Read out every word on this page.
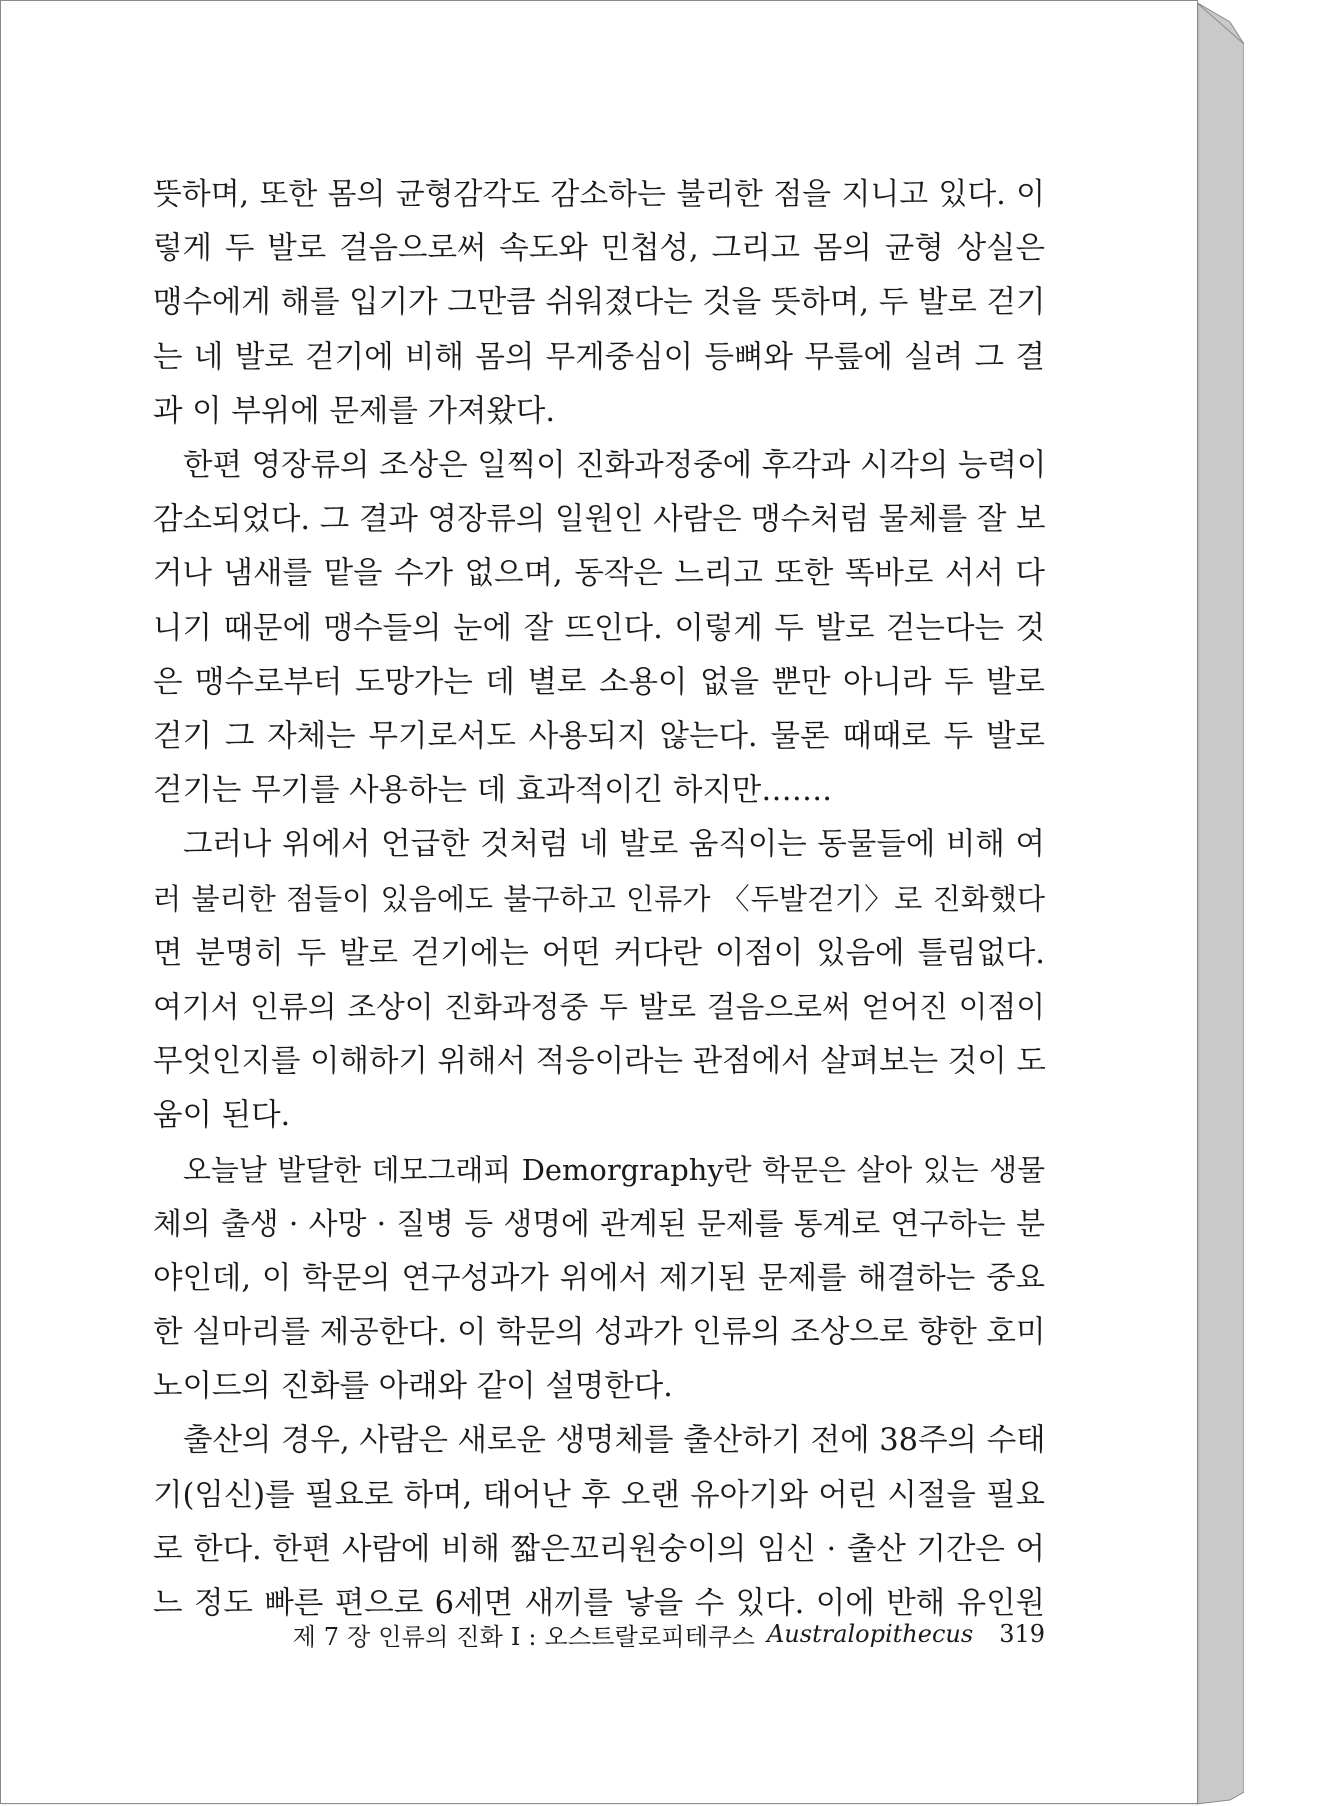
뜻하며, 또한 몸의 균형감각도 감소하는 불리한 점을 지니고 있다. 이
렇게 두 발로 걸음으로써 속도와 민첩성, 그리고 몸의 균형 상실은
맹수에게 해를 입기가 그만큼 쉬워졌다는 것을 뜻하며, 두 발로 걷기
는 네 발로 걷기에 비해 몸의 무게중심이 등뼈와 무릎에 실려 그 결
과 이 부위에 문제를 가져왔다.
한편 영장류의 조상은 일찍이 진화과정중에 후각과 시각의 능력이
감소되었다. 그 결과 영장류의 일원인 사람은 맹수처럼 물체를 잘 보
거나 냄새를 맡을 수가 없으며, 동작은 느리고 또한 똑바로 서서 다
니기 때문에 맹수들의 눈에 잘 뜨인다. 이렇게 두 발로 걷는다는 것
은 맹수로부터 도망가는 데 별로 소용이 없을 뿐만 아니라 두 발로
걷기 그 자체는 무기로서도 사용되지 않는다. 물론 때때로 두 발로
걷기는 무기를 사용하는 데 효과적이긴 하지만…….
그러나 위에서 언급한 것처럼 네 발로 움직이는 동물들에 비해 여
러 불리한 점들이 있음에도 불구하고 인류가 〈두발걷기〉로 진화했다
면 분명히 두 발로 걷기에는 어떤 커다란 이점이 있음에 틀림없다.
여기서 인류의 조상이 진화과정중 두 발로 걸음으로써 얻어진 이점이
무엇인지를 이해하기 위해서 적응이라는 관점에서 살펴보는 것이 도
움이 된다.
오늘날 발달한 데모그래피 Demorgraphy란 학문은 살아 있는 생물
체의 출생 · 사망 · 질병 등 생명에 관계된 문제를 통계로 연구하는 분
야인데, 이 학문의 연구성과가 위에서 제기된 문제를 해결하는 중요
한 실마리를 제공한다. 이 학문의 성과가 인류의 조상으로 향한 호미
노이드의 진화를 아래와 같이 설명한다.
출산의 경우, 사람은 새로운 생명체를 출산하기 전에 38주의 수태
기(임신)를 필요로 하며, 태어난 후 오랜 유아기와 어린 시절을 필요
로 한다. 한편 사람에 비해 짧은꼬리원숭이의 임신 · 출산 기간은 어
느 정도 빠른 편으로 6세면 새끼를 낳을 수 있다. 이에 반해 유인원
제 7 장 인류의 진화 Ⅰ : 오스트랄로피테쿠스 Australopithecus 319
